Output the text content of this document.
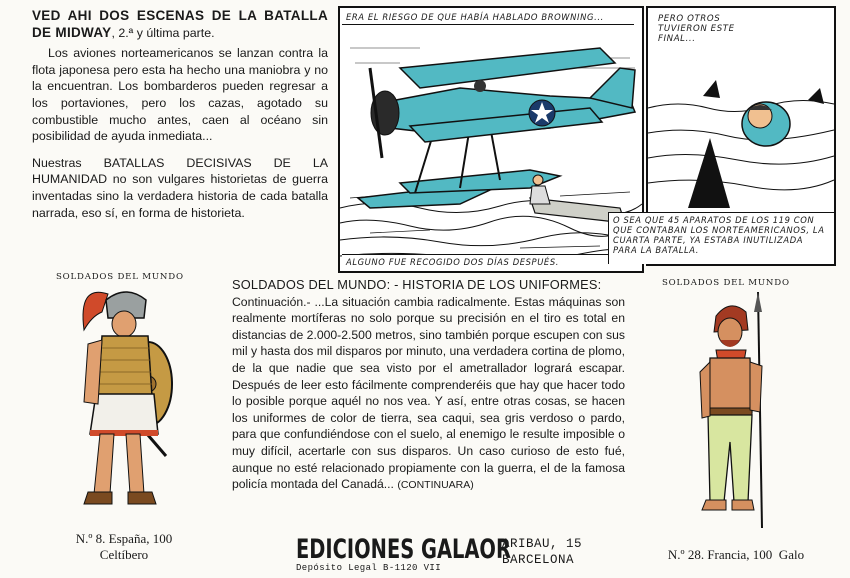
VED AHI DOS ESCENAS DE LA BATALLA DE MIDWAY, 2.ª y última parte.

Los aviones norteamericanos se lanzan contra la flota japonesa pero esta ha hecho una maniobra y no la encuentran. Los bombarderos pueden regresar a los portaviones, pero los cazas, agotado su combustible mucho antes, caen al océano sin posibilidad de ayuda inmediata...

Nuestras BATALLAS DECISIVAS DE LA HUMANIDAD no son vulgares historietas de guerra inventadas sino la verdadera historia de cada batalla narrada, eso sí, en forma de historieta.

ERA EL RIESGO DE QUE HABÍA HABLADO BROWNING...
ALGUNO FUE RECOGIDO DOS DÍAS DESPUÉS.
PERO OTROS TUVIERON ESTE FINAL...
O SEA QUE 45 APARATOS DE LOS 119 CON QUE CONTABAN LOS NORTEAMERICANOS, LA CUARTA PARTE, YA ESTABA INUTILIZADA PARA LA BATALLA.
SOLDADOS DEL MUNDO
N.º 8. España, 100
Celtíbero
SOLDADOS DEL MUNDO: - HISTORIA DE LOS UNIFORMES:
Continuación.- ...La situación cambia radicalmente. Estas máquinas son realmente mortíferas no solo porque su precisión en el tiro es total en distancias de 2.000-2.500 metros, sino también porque escupen con sus mil y hasta dos mil disparos por minuto, una verdadera cortina de plomo, de la que nadie que sea visto por el ametrallador logrará escapar. Después de leer esto fácilmente comprenderéis que hay que hacer todo lo posible porque aquél no nos vea. Y así, entre otras cosas, se hacen los uniformes de color de tierra, sea caqui, sea gris verdoso o pardo, para que confundiéndose con el suelo, al enemigo le resulte imposible o muy difícil, acertarle con sus disparos. Un caso curioso de esto fué, aunque no esté relacionado propiamente con la guerra, el de la famosa policía montada del Canadá... (CONTINUARA)
SOLDADOS DEL MUNDO
N.º 28. Francia, 100  Galo
EDICIONES GALAOR
ARIBAU, 15
BARCELONA
Depósito Legal B-1120 VII
